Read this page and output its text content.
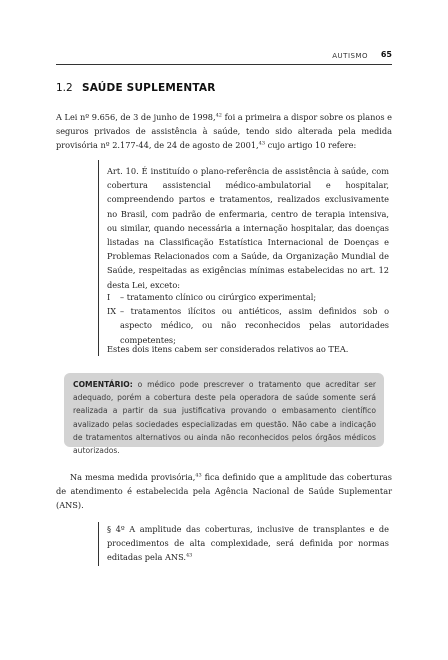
AUTISMO 65
1.2 SAÚDE SUPLEMENTAR

A Lei nº 9.656, de 3 de junho de 1998,42 foi a primeira a dispor sobre os planos e seguros privados de assistência à saúde, tendo sido alterada pela medida provisória nº 2.177-44, de 24 de agosto de 2001,43 cujo artigo 10 refere:

Art. 10. É instituído o plano-referência de assistência à saúde, com cobertura assistencial médico-ambulatorial e hospitalar, compreendendo partos e tratamentos, realizados exclusivamente no Brasil, com padrão de enfermaria, centro de terapia intensiva, ou similar, quando necessária a internação hospitalar, das doenças listadas na Classificação Estatística Internacional de Doenças e Problemas Relacionados com a Saúde, da Organização Mundial de Saúde, respeitadas as exigências mínimas estabelecidas no art. 12 desta Lei, exceto:

I	– tratamento clínico ou cirúrgico experimental;
IX – tratamentos ilícitos ou antiéticos, assim definidos sob o aspecto médico, ou não reconhecidos pelas autoridades competentes;

Estes dois itens cabem ser considerados relativos ao TEA.

COMENTÁRIO: o médico pode prescrever o tratamento que acreditar ser adequado, porém a cobertura deste pela operadora de saúde somente será realizada a partir da sua justificativa provando o embasamento científico avalizado pelas sociedades especializadas em questão. Não cabe a indicação de tratamentos alternativos ou ainda não reconhecidos pelos órgãos médicos autorizados.

Na mesma medida provisória,$^{43}$ fica definido que a amplitude das coberturas de atendimento é estabelecida pela Agência Nacional de Saúde Suplementar (ANS).

§ 4º A amplitude das coberturas, inclusive de transplantes e de procedimentos de alta complexidade, será definida por normas editadas pela ANS.$^{43}$
